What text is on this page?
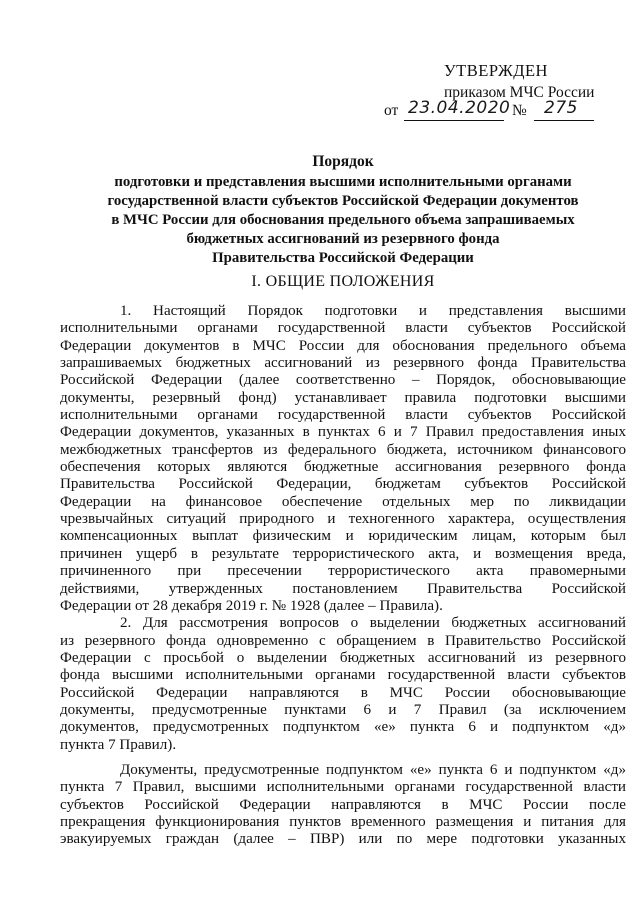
УТВЕРЖДЕН
приказом МЧС России
от 23.04.2020 № 275
Порядок
подготовки и представления высшими исполнительными органами
государственной власти субъектов Российской Федерации документов
в МЧС России для обоснования предельного объема запрашиваемых
бюджетных ассигнований из резервного фонда
Правительства Российской Федерации
I. ОБЩИЕ ПОЛОЖЕНИЯ
1. Настоящий Порядок подготовки и представления высшими
исполнительными органами государственной власти субъектов Российской
Федерации документов в МЧС России для обоснования предельного объема
запрашиваемых бюджетных ассигнований из резервного фонда Правительства
Российской Федерации (далее соответственно – Порядок, обосновывающие
документы, резервный фонд) устанавливает правила подготовки высшими
исполнительными органами государственной власти субъектов Российской
Федерации документов, указанных в пунктах 6 и 7 Правил предоставления иных
межбюджетных трансфертов из федерального бюджета, источником финансового
обеспечения которых являются бюджетные ассигнования резервного фонда
Правительства Российской Федерации, бюджетам субъектов Российской
Федерации на финансовое обеспечение отдельных мер по ликвидации
чрезвычайных ситуаций природного и техногенного характера, осуществления
компенсационных выплат физическим и юридическим лицам, которым был
причинен ущерб в результате террористического акта, и возмещения вреда,
причиненного при пресечении террористического акта правомерными
действиями, утвержденных постановлением Правительства Российской
Федерации от 28 декабря 2019 г. № 1928 (далее – Правила).
2. Для рассмотрения вопросов о выделении бюджетных ассигнований
из резервного фонда одновременно с обращением в Правительство Российской
Федерации с просьбой о выделении бюджетных ассигнований из резервного
фонда высшими исполнительными органами государственной власти субъектов
Российской Федерации направляются в МЧС России обосновывающие
документы, предусмотренные пунктами 6 и 7 Правил (за исключением
документов, предусмотренных подпунктом «е» пункта 6 и подпунктом «д»
пункта 7 Правил).
Документы, предусмотренные подпунктом «е» пункта 6 и подпунктом «д»
пункта 7 Правил, высшими исполнительными органами государственной власти
субъектов Российской Федерации направляются в МЧС России после
прекращения функционирования пунктов временного размещения и питания для
эвакуируемых граждан (далее – ПВР) или по мере подготовки указанных
